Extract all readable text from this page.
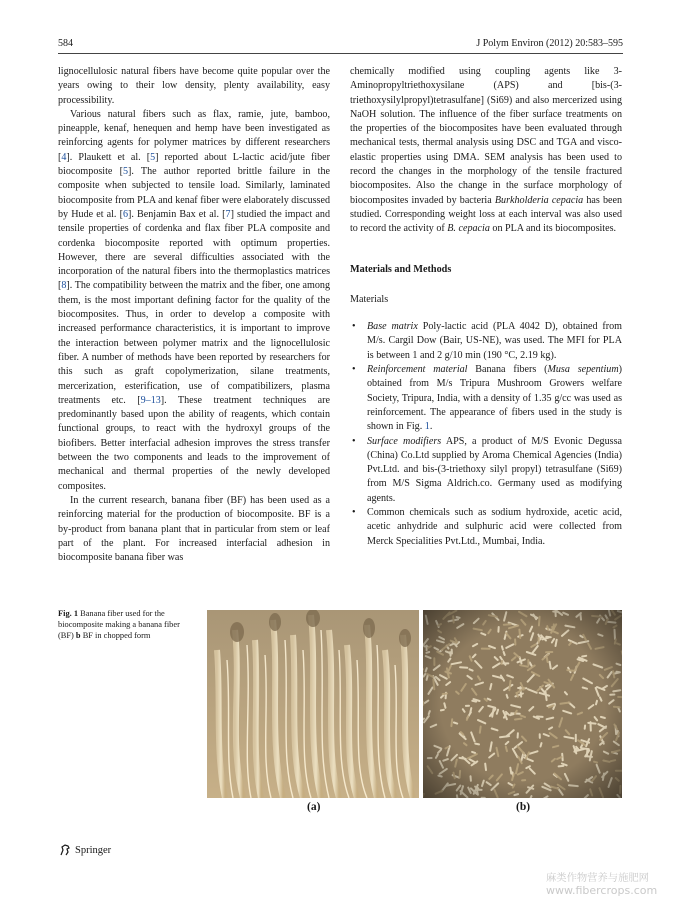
584	J Polym Environ (2012) 20:583–595

lignocellulosic natural fibers have become quite popular over the years owing to their low density, plenty availability, easy processibility.

Various natural fibers such as flax, ramie, jute, bamboo, pineapple, kenaf, henequen and hemp have been investigated as reinforcing agents for polymer matrices by different researchers [4]. Plaukett et al. [5] reported about L-lactic acid/jute fiber biocomposite [5]. The author reported brittle failure in the composite when subjected to tensile load. Similarly, laminated biocomposite from PLA and kenaf fiber were elaborately discussed by Hude et al. [6]. Benjamin Bax et al. [7] studied the impact and tensile properties of cordenka and flax fiber PLA composite and cordenka biocomposite reported with optimum properties. However, there are several difficulties associated with the incorporation of the natural fibers into the thermoplastics matrices [8]. The compatibility between the matrix and the fiber, one among them, is the most important defining factor for the quality of the biocomposites. Thus, in order to develop a composite with increased performance characteristics, it is important to improve the interaction between polymer matrix and the lignocellulosic fiber. A number of methods have been reported by researchers for this such as graft copolymerization, silane treatments, mercerization, esterification, use of compatibilizers, plasma treatments etc. [9–13]. These treatment techniques are predominantly based upon the ability of reagents, which contain functional groups, to react with the hydroxyl groups of the biofibers. Better interfacial adhesion improves the stress transfer between the two components and leads to the improvement of mechanical and thermal properties of the newly developed composites.

In the current research, banana fiber (BF) has been used as a reinforcing material for the production of biocomposite. BF is a by-product from banana plant that in particular from stem or leaf part of the plant. For increased interfacial adhesion in biocomposite banana fiber was

chemically modified using coupling agents like 3-Aminopropyltriethoxysilane (APS) and [bis-(3-triethoxysilylpropyl)tetrasulfane] (Si69) and also mercerized using NaOH solution. The influence of the fiber surface treatments on the properties of the biocomposites have been evaluated through mechanical tests, thermal analysis using DSC and TGA and visco-elastic properties using DMA. SEM analysis has been used to record the changes in the morphology of the tensile fractured biocomposites. Also the change in the surface morphology of biocomposites invaded by bacteria Burkholderia cepacia has been studied. Corresponding weight loss at each interval was also used to record the activity of B. cepacia on PLA and its biocomposites.

Materials and Methods

Materials

• Base matrix Poly-lactic acid (PLA 4042 D), obtained from M/s. Cargil Dow (Bair, US-NE), was used. The MFI for PLA is between 1 and 2 g/10 min (190 °C, 2.19 kg).
• Reinforcement material Banana fibers (Musa sepentium) obtained from M/s Tripura Mushroom Growers welfare Society, Tripura, India, with a density of 1.35 g/cc was used as reinforcement. The appearance of fibers used in the study is shown in Fig. 1.
• Surface modifiers APS, a product of M/S Evonic Degussa (China) Co.Ltd supplied by Aroma Chemical Agencies (India) Pvt.Ltd. and bis-(3-triethoxy silyl propyl) tetrasulfane (Si69) from M/S Sigma Aldrich.co. Germany used as modifying agents.
• Common chemicals such as sodium hydroxide, acetic acid, acetic anhydride and sulphuric acid were collected from Merck Specialities Pvt.Ltd., Mumbai, India.
Fig. 1 Banana fiber used for the biocomposite making a banana fiber (BF) b BF in chopped form
(a)	(b)
Springer
麻类作物营养与施肥网
www.fibercrops.com
